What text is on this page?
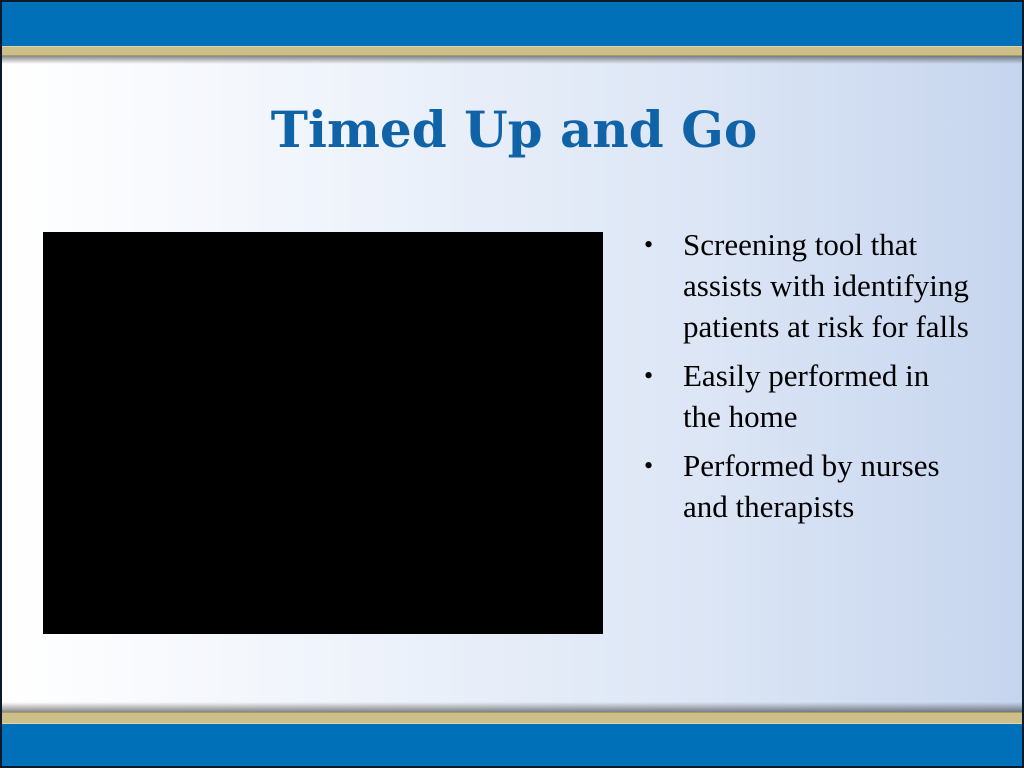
Timed Up and Go
• Screening tool that assists with identifying patients at risk for falls
• Easily performed in the home
• Performed by nurses and therapists
